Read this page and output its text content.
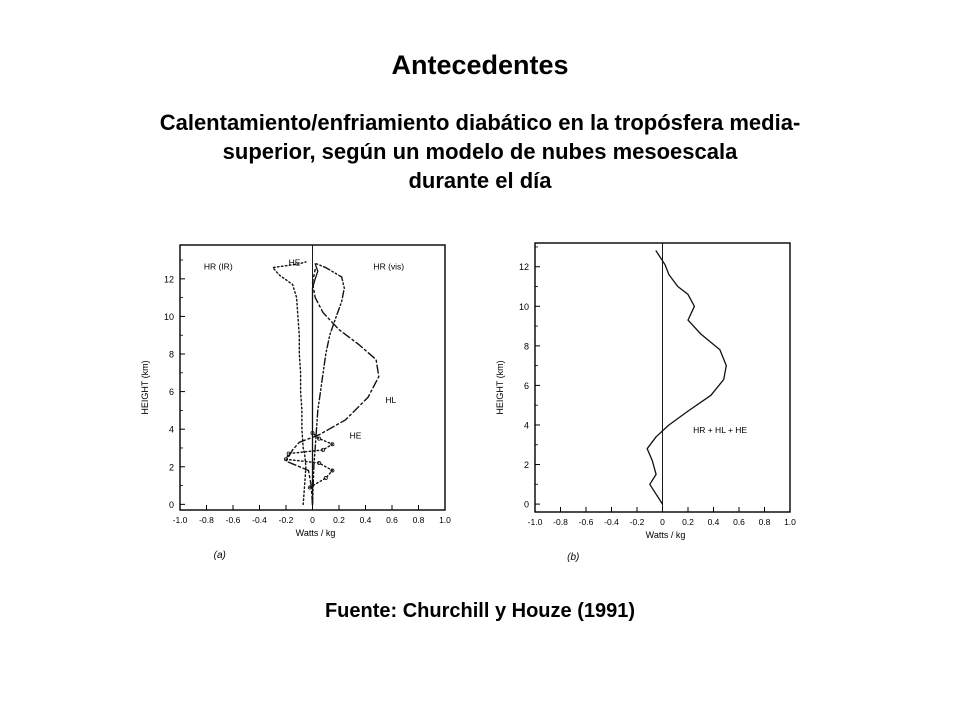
Antecedentes
Calentamiento/enfriamiento diabático en la tropósfera media-
superior, según un modelo de nubes mesoescala
durante el día
-1.0 -0.8 -0.6 -0.4 -0.2 0 0.2 0.4 0.6 0.8 1.0
0
2
4
6
8
10
12
Watts / kg
HEIGHT (km)
(a)
HR (IR)	HE	HR (vis)
HL
HE
-1.0 -0.8 -0.6 -0.4 -0.2 0 0.2 0.4 0.6 0.8 1.0
0
2
4
6
8
10
12
Watts / kg
HEIGHT (km)
(b)
HR + HL + HE
Fuente: Churchill y Houze (1991)
